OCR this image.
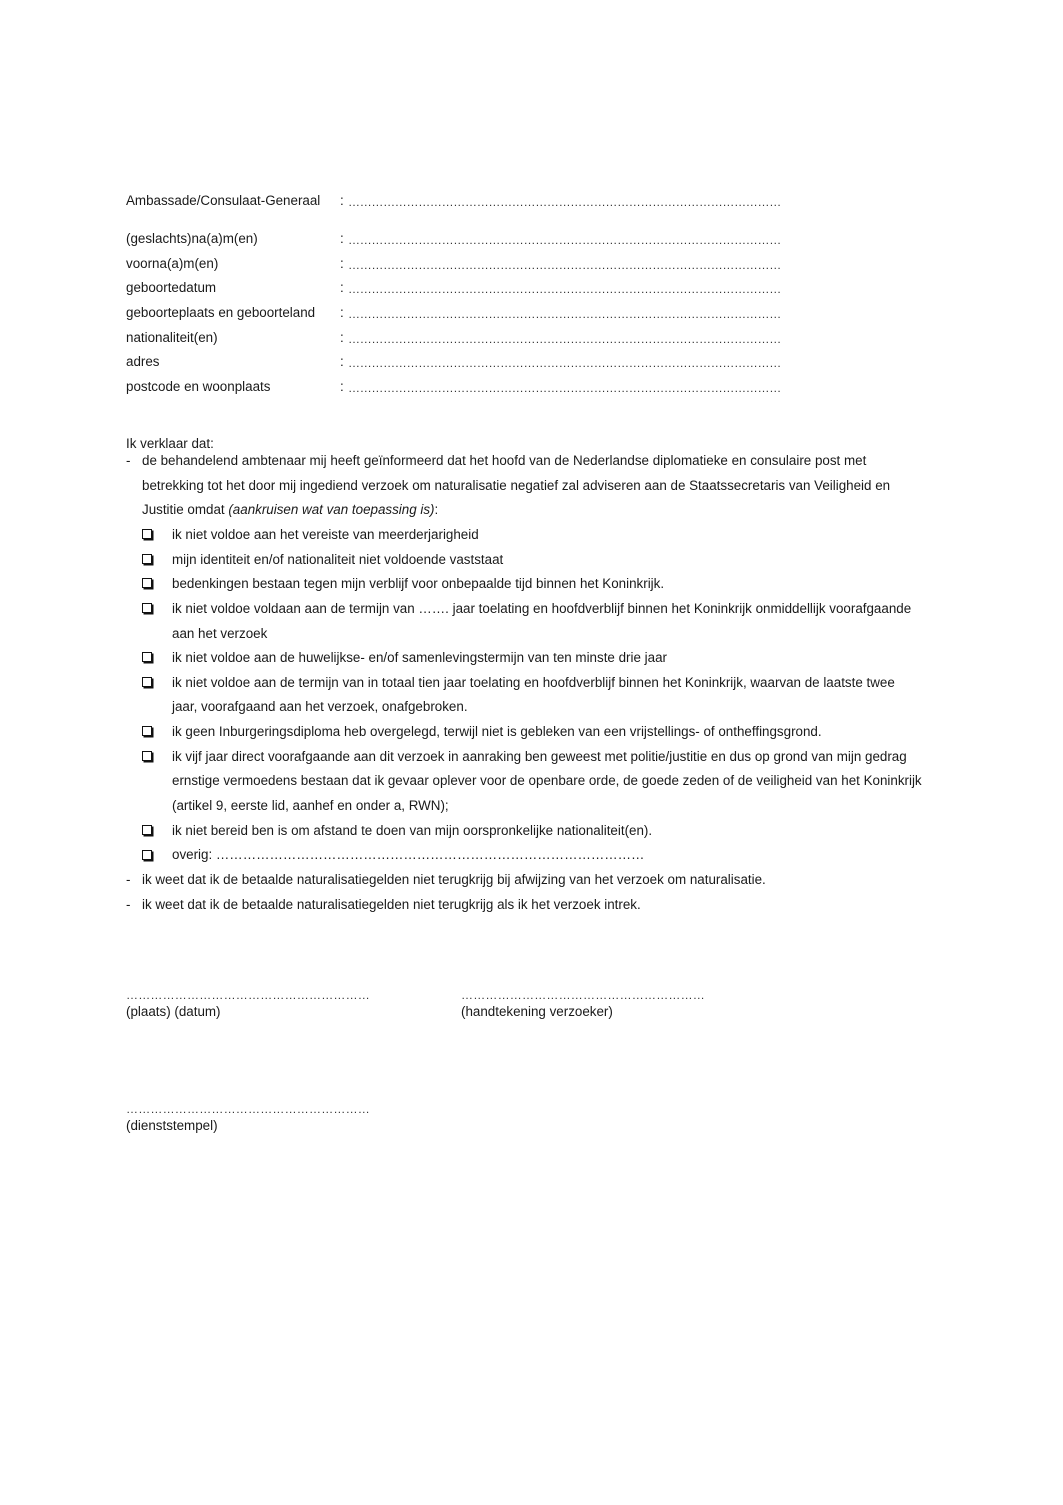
Ambassade/Consulaat-Generaal : …………………………………………………………………………………………………
(geslachts)na(a)m(en)	: …………………………………………………………………………………………………
voorna(a)m(en)	: …………………………………………………………………………………………………
geboortedatum	: …………………………………………………………………………………………………
geboorteplaats en geboorteland : …………………………………………………………………………………………………
nationaliteit(en)	: …………………………………………………………………………………………………
adres	: …………………………………………………………………………………………………
postcode en woonplaats	: …………………………………………………………………………………………………
Ik verklaar dat:
- de behandelend ambtenaar mij heeft geïnformeerd dat het hoofd van de Nederlandse diplomatieke en consulaire post met
betrekking tot het door mij ingediend verzoek om naturalisatie negatief zal adviseren aan de Staatssecretaris van Veiligheid en
Justitie omdat (aankruisen wat van toepassing is):
ik niet voldoe aan het vereiste van meerderjarigheid
mijn identiteit en/of nationaliteit niet voldoende vaststaat
bedenkingen bestaan tegen mijn verblijf voor onbepaalde tijd binnen het Koninkrijk.
ik niet voldoe voldaan aan de termijn van ……. jaar toelating en hoofdverblijf binnen het Koninkrijk onmiddellijk voorafgaande
aan het verzoek
ik niet voldoe aan de huwelijkse- en/of samenlevingstermijn van ten minste drie jaar
ik niet voldoe aan de termijn van in totaal tien jaar toelating en hoofdverblijf binnen het Koninkrijk, waarvan de laatste twee
jaar, voorafgaand aan het verzoek, onafgebroken.
ik geen Inburgeringsdiploma heb overgelegd, terwijl niet is gebleken van een vrijstellings- of ontheffingsgrond.
ik vijf jaar direct voorafgaande aan dit verzoek in aanraking ben geweest met politie/justitie en dus op grond van mijn gedrag
ernstige vermoedens bestaan dat ik gevaar oplever voor de openbare orde, de goede zeden of de veiligheid van het Koninkrijk
(artikel 9, eerste lid, aanhef en onder a, RWN);
ik niet bereid ben is om afstand te doen van mijn oorspronkelijke nationaliteit(en).
overig: ……………………………………………………………………………………
- ik weet dat ik de betaalde naturalisatiegelden niet terugkrijg bij afwijzing van het verzoek om naturalisatie.
- ik weet dat ik de betaalde naturalisatiegelden niet terugkrijg als ik het verzoek intrek.
……………………………………………………
(plaats) (datum)
……………………………………………………
(handtekening verzoeker)
……………………………………………………
(dienststempel)
